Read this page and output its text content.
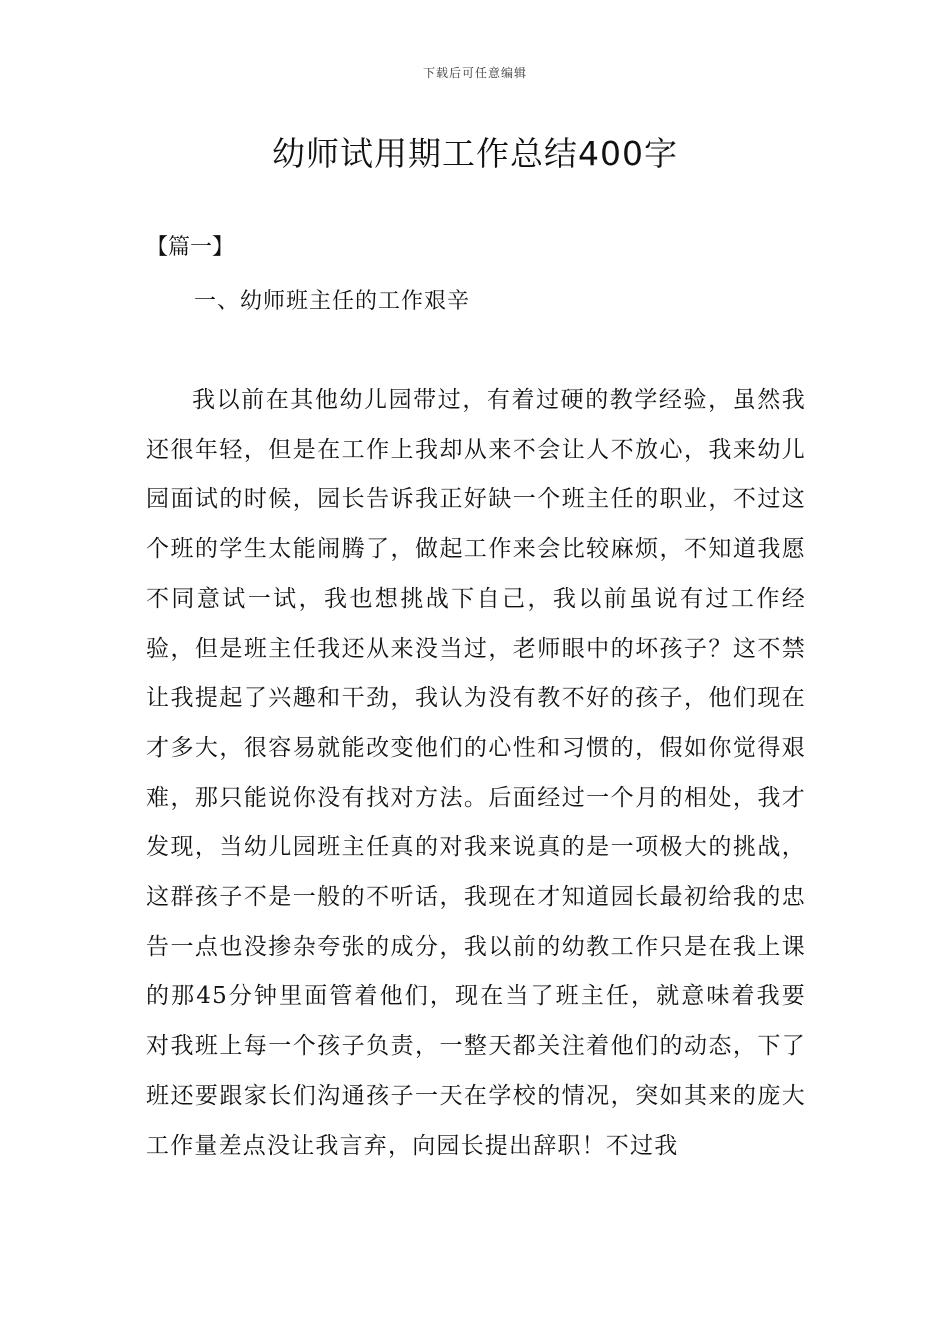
下载后可任意编辑
幼师试用期工作总结400字
【篇一】
一、幼师班主任的工作艰辛

我以前在其他幼儿园带过，有着过硬的教学经验，虽然我还很年轻，但是在工作上我却从来不会让人不放心，我来幼儿园面试的时候，园长告诉我正好缺一个班主任的职业，不过这个班的学生太能闹腾了，做起工作来会比较麻烦，不知道我愿不同意试一试，我也想挑战下自己，我以前虽说有过工作经验，但是班主任我还从来没当过，老师眼中的坏孩子？这不禁让我提起了兴趣和干劲，我认为没有教不好的孩子，他们现在才多大，很容易就能改变他们的心性和习惯的，假如你觉得艰难，那只能说你没有找对方法。后面经过一个月的相处，我才发现，当幼儿园班主任真的对我来说真的是一项极大的挑战，这群孩子不是一般的不听话，我现在才知道园长最初给我的忠告一点也没掺杂夸张的成分，我以前的幼教工作只是在我上课的那45分钟里面管着他们，现在当了班主任，就意味着我要对我班上每一个孩子负责，一整天都关注着他们的动态，下了班还要跟家长们沟通孩子一天在学校的情况，突如其来的庞大工作量差点没让我言弃，向园长提出辞职！不过我
